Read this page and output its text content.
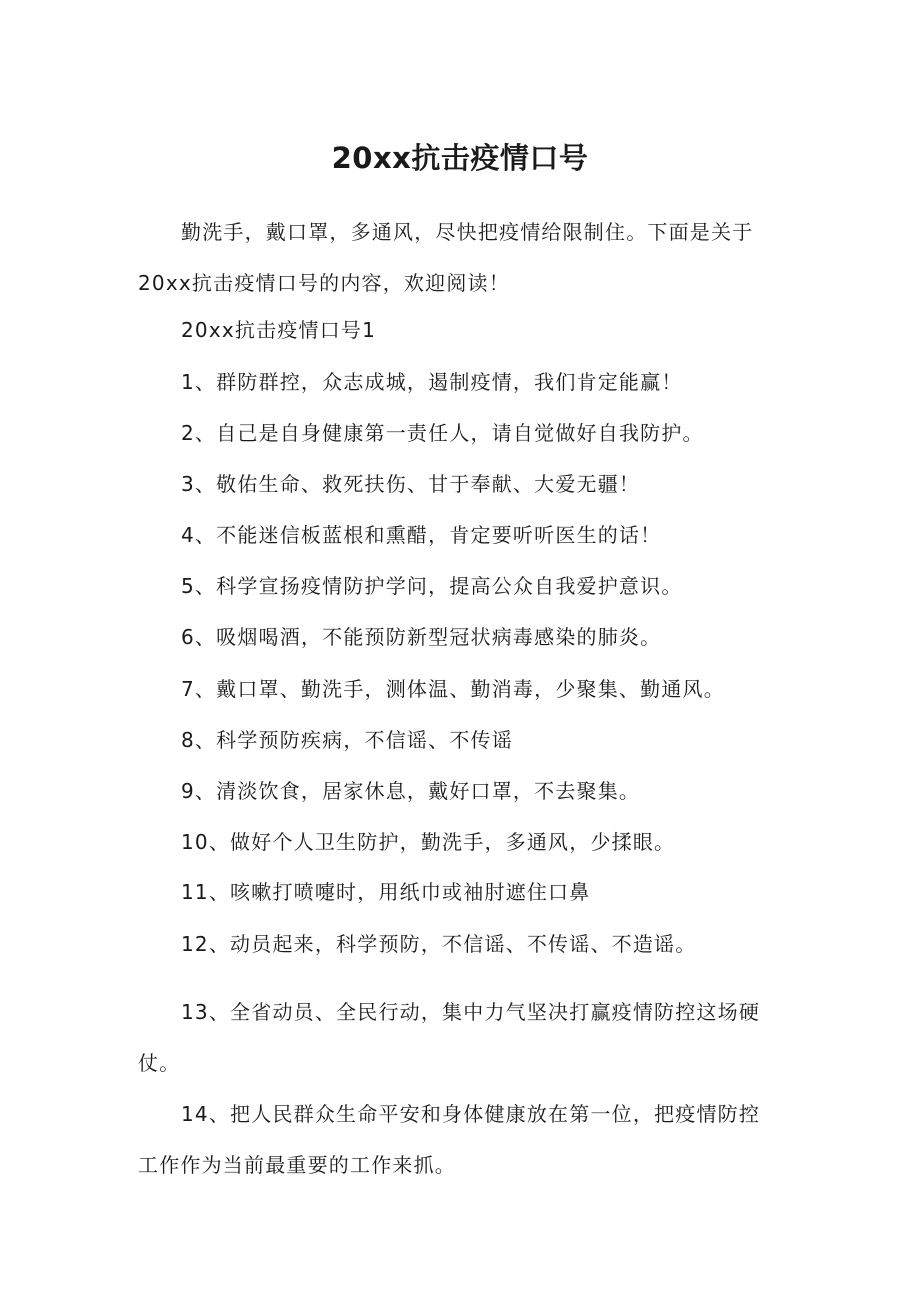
20xx抗击疫情口号

勤洗手，戴口罩，多通风，尽快把疫情给限制住。下面是关于20xx抗击疫情口号的内容，欢迎阅读！

20xx抗击疫情口号1

1、群防群控，众志成城，遏制疫情，我们肯定能赢！

2、自己是自身健康第一责任人，请自觉做好自我防护。

3、敬佑生命、救死扶伤、甘于奉献、大爱无疆！

4、不能迷信板蓝根和熏醋，肯定要听听医生的话！

5、科学宣扬疫情防护学问，提高公众自我爱护意识。

6、吸烟喝酒，不能预防新型冠状病毒感染的肺炎。

7、戴口罩、勤洗手，测体温、勤消毒，少聚集、勤通风。

8、科学预防疾病，不信谣、不传谣

9、清淡饮食，居家休息，戴好口罩，不去聚集。

10、做好个人卫生防护，勤洗手，多通风，少揉眼。

11、咳嗽打喷嚏时，用纸巾或袖肘遮住口鼻

12、动员起来，科学预防，不信谣、不传谣、不造谣。

13、全省动员、全民行动，集中力气坚决打赢疫情防控这场硬仗。

14、把人民群众生命平安和身体健康放在第一位，把疫情防控工作作为当前最重要的工作来抓。
